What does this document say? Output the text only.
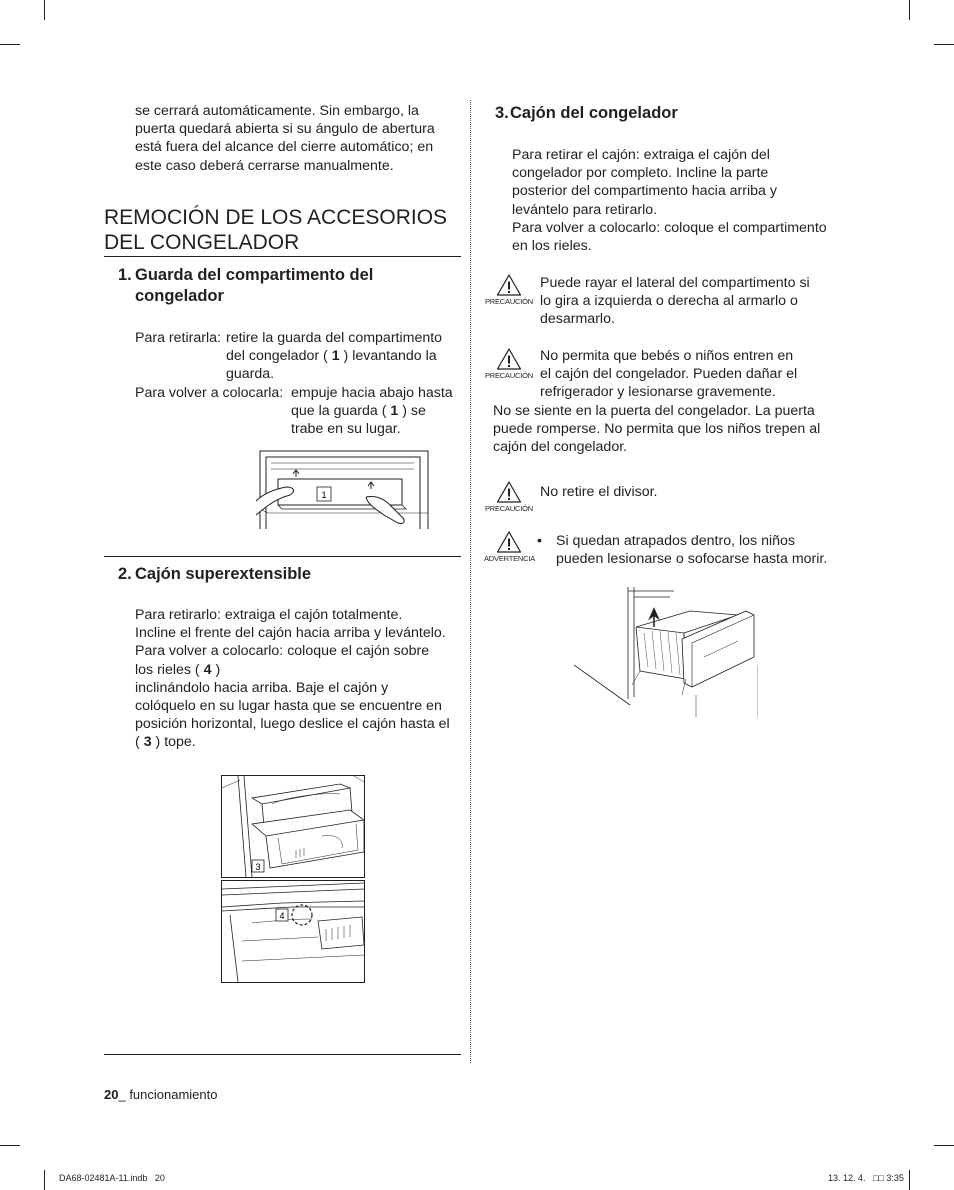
se cerrará automáticamente. Sin embargo, la puerta quedará abierta si su ángulo de abertura está fuera del alcance del cierre automático; en este caso deberá cerrarse manualmente.

REMOCIÓN DE LOS ACCESORIOS
DEL CONGELADOR
1. Guarda del compartimento del
congelador
Para retirarla: retire la guarda del compartimento
del congelador ( 1 ) levantando la
guarda.
Para volver a colocarla: empuje hacia abajo hasta
que la guarda ( 1 ) se
trabe en su lugar.
1
2. Cajón superextensible
Para retirarlo: extraiga el cajón totalmente.
Incline el frente del cajón hacia arriba y levántelo.
Para volver a colocarlo: coloque el cajón sobre
los rieles ( 4 )
inclinándolo hacia arriba. Baje el cajón y
colóquelo en su lugar hasta que se encuentre en
posición horizontal, luego deslice el cajón hasta el
( 3 ) tope.
3
4
20_ funcionamiento
DA68-02481A-11.indb   20	13. 12. 4.   □□ 3:35
3. Cajón del congelador
Para retirar el cajón: extraiga el cajón del
congelador por completo. Incline la parte
posterior del compartimento hacia arriba y
levántelo para retirarlo.
Para volver a colocarlo: coloque el compartimento
en los rieles.
PRECAUCIÓN
Puede rayar el lateral del compartimento si
lo gira a izquierda o derecha al armarlo o
desarmarlo.
PRECAUCIÓN
No permita que bebés o niños entren en
el cajón del congelador. Pueden dañar el
refrigerador y lesionarse gravemente.
No se siente en la puerta del congelador. La puerta
puede romperse. No permita que los niños trepen al
cajón del congelador.
PRECAUCIÓN
No retire el divisor.
ADVERTENCIA
• Si quedan atrapados dentro, los niños
pueden lesionarse o sofocarse hasta morir.
